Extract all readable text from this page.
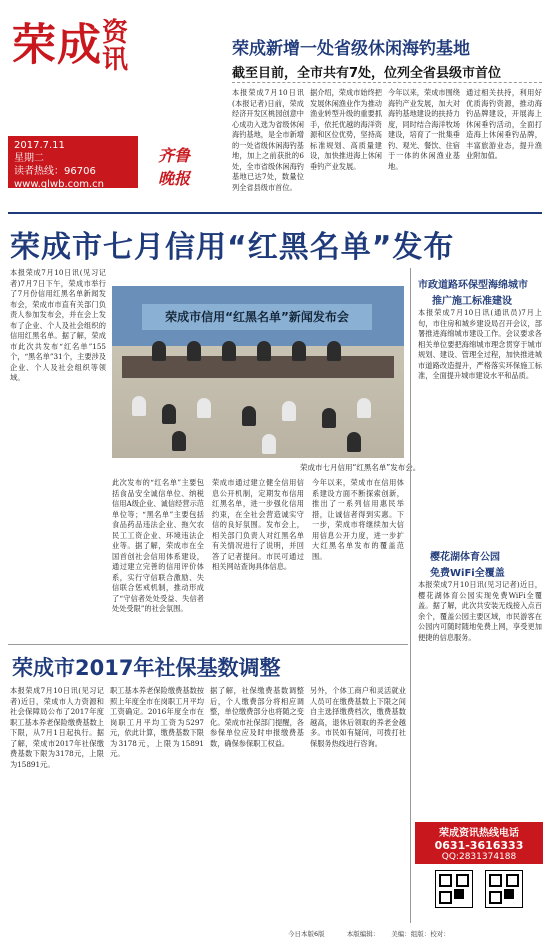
荣成资讯
2017.7.11
星期二
读者热线：96706
www.qlwb.com.cn
齐鲁晚报
荣成新增一处省级休闲海钓基地
截至目前，全市共有7处，位列全省县级市首位
本报荣成7月10日讯(本报记者)日前，荣成经济开发区桃园创意中心成功入选为省级休闲海钓基地，是全市新增的一处省级休闲海钓基地，加上之前获批的6处，全市省级休闲海钓基地已达7处，数量位列全省县级市首位。
据介绍，荣成市始终把发展休闲渔业作为推动渔业转型升级的重要抓手，依托优越的海洋资源和区位优势，坚持高标准规划、高质量建设，加快推进海上休闲垂钓产业发展。
今年以来，荣成市围绕海钓产业发展，加大对海钓基地建设的扶持力度，同时结合海洋牧场建设，培育了一批集垂钓、观光、餐饮、住宿于一体的休闲渔业基地。
通过相关扶持，利用好优质海钓资源，推动海钓品牌建设，开展海上休闲垂钓活动，全面打造海上休闲垂钓品牌，丰富旅游业态，提升渔业附加值。
荣成市七月信用“红黑名单”发布
本报荣成7月10日讯(见习记者)7月7日下午，荣成市举行了7月份信用红黑名单新闻发布会，荣成市市直有关部门负责人参加发布会，并在会上发布了企业、个人及社会组织的信用红黑名单。据了解，荣成市此次共发布“红名单”155个，“黑名单”31个，主要涉及企业、个人及社会组织等领域。
荣成市信用“红黑名单”新闻发布会
荣成市七月信用“红黑名单”发布会。
此次发布的“红名单”主要包括食品安全诚信单位、纳税信用A级企业、诚信经营示范单位等；“黑名单”主要包括食品药品违法企业、拖欠农民工工资企业、环境违法企业等。据了解，荣成市在全国首创社会信用体系建设，通过建立完善的信用评价体系，实行守信联合激励、失信联合惩戒机制，推动形成了“守信者处处受益、失信者处处受限”的社会氛围。
荣成市通过建立健全信用信息公开机制，定期发布信用红黑名单，进一步强化信用约束，在全社会营造诚实守信的良好氛围。发布会上，相关部门负责人对红黑名单有关情况进行了说明，并回答了记者提问。市民可通过相关网站查询具体信息。
今年以来，荣成市在信用体系建设方面不断探索创新，推出了一系列信用惠民举措，让诚信者得到实惠。下一步，荣成市将继续加大信用信息公开力度，进一步扩大红黑名单发布的覆盖范围。
市政道路环保型海绵城市
推广施工标准建设
本报荣成7月10日讯(通讯员)7月上旬，市住房和城乡建设局召开会议，部署推进海绵城市建设工作。会议要求各相关单位要把海绵城市理念贯穿于城市规划、建设、管理全过程，加快推进城市道路改造提升，严格落实环保施工标准，全面提升城市建设水平和品质。
樱花湖体育公园
免费WiFi全覆盖
本报荣成7月10日讯(见习记者)近日，樱花湖体育公园实现免费WiFi全覆盖。据了解，此次共安装无线接入点百余个，覆盖公园主要区域，市民游客在公园内可随时随地免费上网，享受更加便捷的信息服务。
荣成资讯热线电话
0631-3616333
QQ:2831374188
荣成市2017年社保基数调整
本报荣成7月10日讯(见习记者)近日，荣成市人力资源和社会保障局公布了2017年度职工基本养老保险缴费基数上下限，从7月1日起执行。据了解，荣成市2017年社保缴费基数下限为3178元，上限为15891元。
职工基本养老保险缴费基数按照上年度全市在岗职工月平均工资确定。2016年度全市在岗职工月平均工资为5297元，依此计算，缴费基数下限为3178元，上限为15891元。
据了解，社保缴费基数调整后，个人缴费部分将相应调整，单位缴费部分也将随之变化。荣成市社保部门提醒，各参保单位应及时申报缴费基数，确保参保职工权益。
另外，个体工商户和灵活就业人员可在缴费基数上下限之间自主选择缴费档次，缴费基数越高，退休后领取的养老金越多。市民如有疑问，可拨打社保服务热线进行咨询。
今日本版6版	本版编辑： 美编：组版：校对：
